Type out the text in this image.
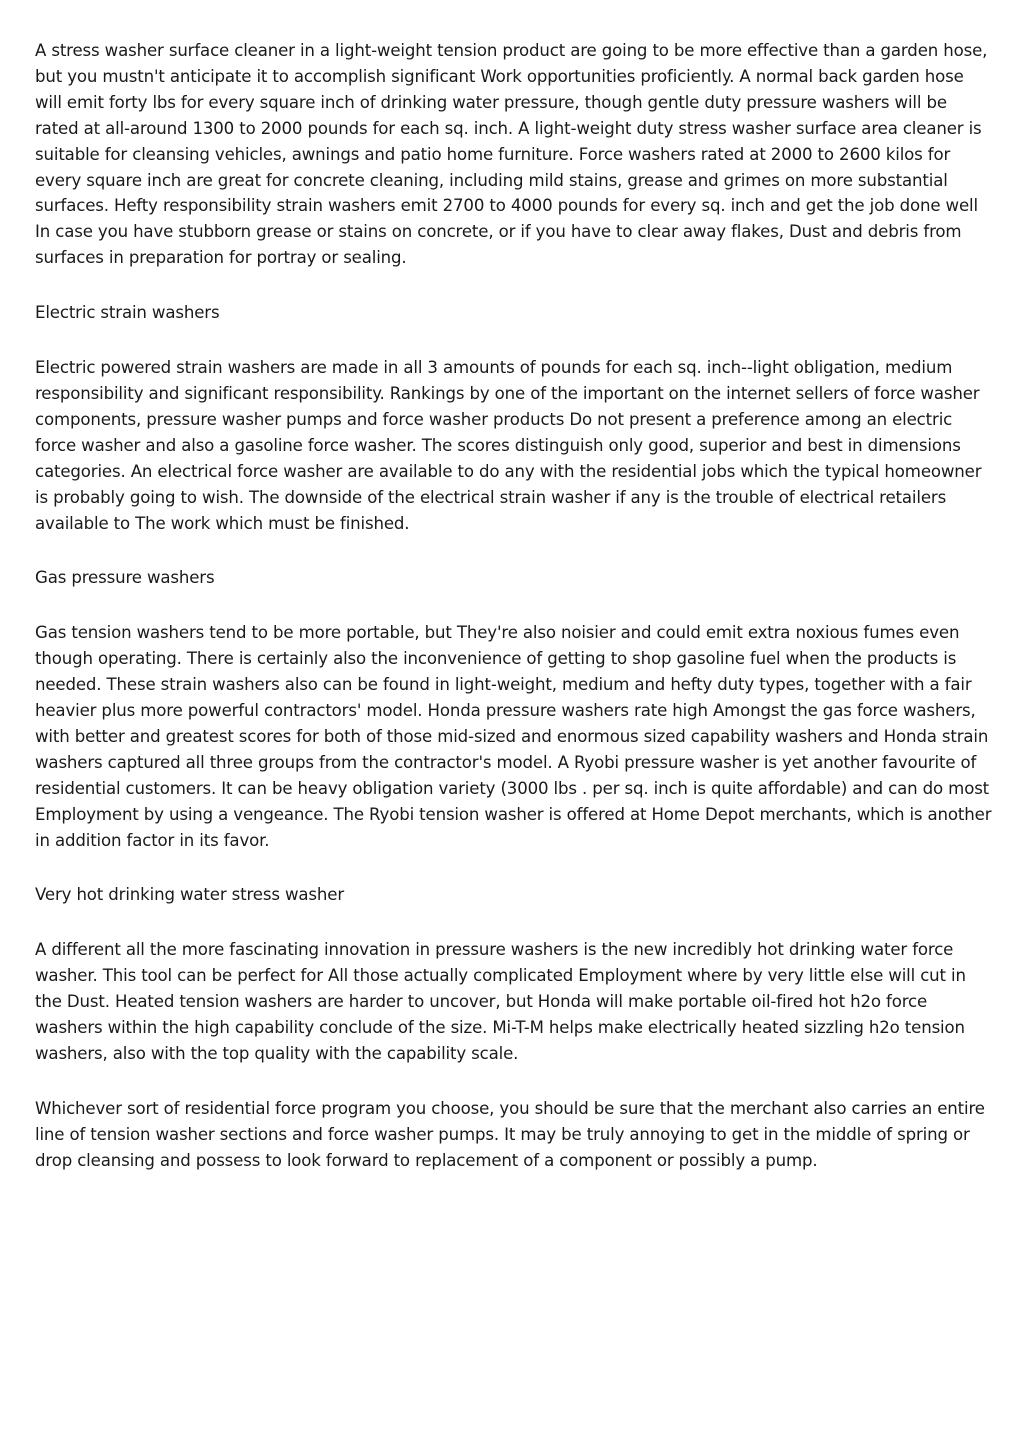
A stress washer surface cleaner in a light-weight tension product are going to be more effective than a garden hose, but you mustn't anticipate it to accomplish significant Work opportunities proficiently. A normal back garden hose will emit forty lbs for every square inch of drinking water pressure, though gentle duty pressure washers will be rated at all-around 1300 to 2000 pounds for each sq. inch. A light-weight duty stress washer surface area cleaner is suitable for cleansing vehicles, awnings and patio home furniture. Force washers rated at 2000 to 2600 kilos for every square inch are great for concrete cleaning, including mild stains, grease and grimes on more substantial surfaces. Hefty responsibility strain washers emit 2700 to 4000 pounds for every sq. inch and get the job done well In case you have stubborn grease or stains on concrete, or if you have to clear away flakes, Dust and debris from surfaces in preparation for portray or sealing.

Electric strain washers

Electric powered strain washers are made in all 3 amounts of pounds for each sq. inch--light obligation, medium responsibility and significant responsibility. Rankings by one of the important on the internet sellers of force washer components, pressure washer pumps and force washer products Do not present a preference among an electric force washer and also a gasoline force washer. The scores distinguish only good, superior and best in dimensions categories. An electrical force washer are available to do any with the residential jobs which the typical homeowner is probably going to wish. The downside of the electrical strain washer if any is the trouble of electrical retailers available to The work which must be finished.

Gas pressure washers

Gas tension washers tend to be more portable, but They're also noisier and could emit extra noxious fumes even though operating. There is certainly also the inconvenience of getting to shop gasoline fuel when the products is needed. These strain washers also can be found in light-weight, medium and hefty duty types, together with a fair heavier plus more powerful contractors' model. Honda pressure washers rate high Amongst the gas force washers, with better and greatest scores for both of those mid-sized and enormous sized capability washers and Honda strain washers captured all three groups from the contractor's model. A Ryobi pressure washer is yet another favourite of residential customers. It can be heavy obligation variety (3000 lbs . per sq. inch is quite affordable) and can do most Employment by using a vengeance. The Ryobi tension washer is offered at Home Depot merchants, which is another in addition factor in its favor.

Very hot drinking water stress washer

A different all the more fascinating innovation in pressure washers is the new incredibly hot drinking water force washer. This tool can be perfect for All those actually complicated Employment where by very little else will cut in the Dust. Heated tension washers are harder to uncover, but Honda will make portable oil-fired hot h2o force washers within the high capability conclude of the size. Mi-T-M helps make electrically heated sizzling h2o tension washers, also with the top quality with the capability scale.

Whichever sort of residential force program you choose, you should be sure that the merchant also carries an entire line of tension washer sections and force washer pumps. It may be truly annoying to get in the middle of spring or drop cleansing and possess to look forward to replacement of a component or possibly a pump.
